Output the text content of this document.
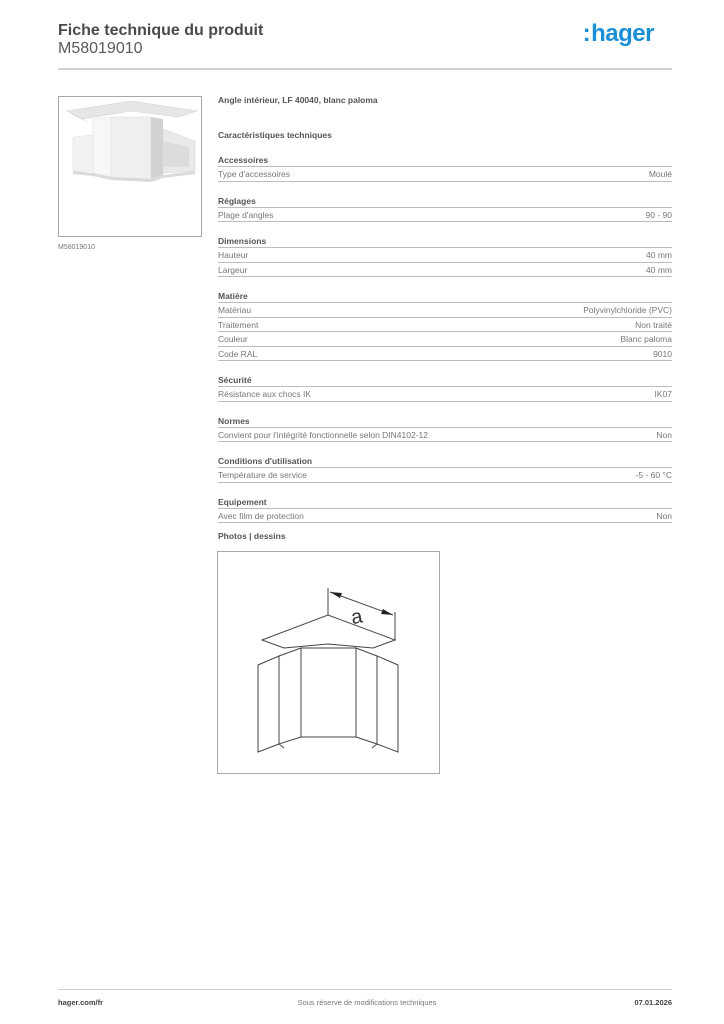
Fiche technique du produit
M58019010
:hager
M58019010
Angle intérieur, LF 40040, blanc paloma
Caractéristiques techniques
Accessoires
Type d'accessoires	Moulé
Réglages
Plage d'angles	90 - 90
Dimensions
Hauteur	40 mm
Largeur	40 mm
Matière
Matériau	Polyvinylchloride (PVC)
Traitement	Non traité
Couleur	Blanc paloma
Code RAL	9010
Sécurité
Résistance aux chocs IK	IK07
Normes
Convient pour l'intégrité fonctionnelle selon DIN4102-12	Non
Conditions d'utilisation
Température de service	-5 - 60 °C
Equipement
Avec film de protection	Non
Photos | dessins
a
hager.com/fr	Sous réserve de modifications techniques	07.01.2026
